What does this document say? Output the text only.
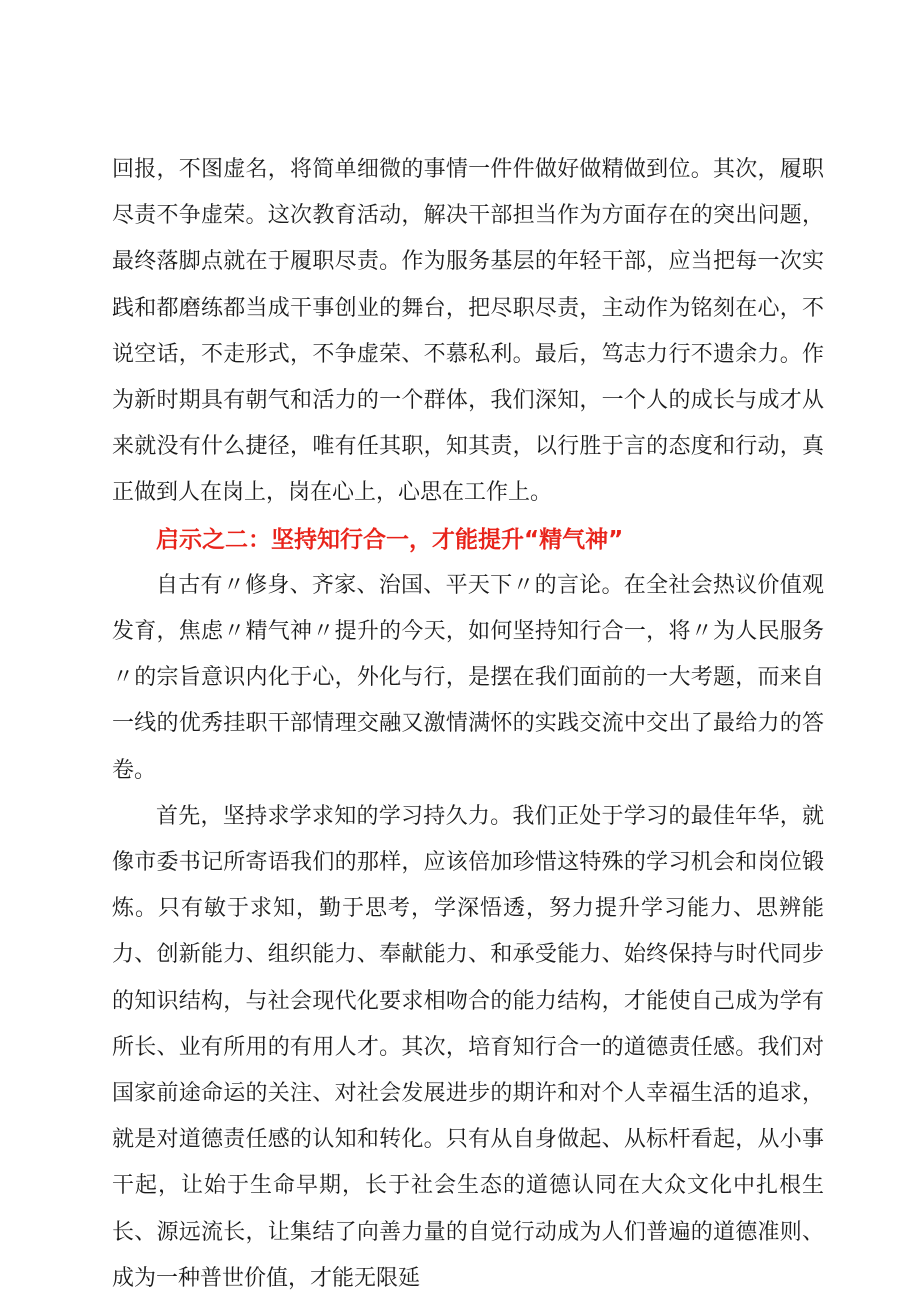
回报，不图虚名，将简单细微的事情一件件做好做精做到位。其次，履职尽责不争虚荣。这次教育活动，解决干部担当作为方面存在的突出问题，最终落脚点就在于履职尽责。作为服务基层的年轻干部，应当把每一次实践和都磨练都当成干事创业的舞台，把尽职尽责，主动作为铭刻在心，不说空话，不走形式，不争虚荣、不慕私利。最后，笃志力行不遗余力。作为新时期具有朝气和活力的一个群体，我们深知，一个人的成长与成才从来就没有什么捷径，唯有任其职，知其责，以行胜于言的态度和行动，真正做到人在岗上，岗在心上，心思在工作上。

启示之二：坚持知行合一，才能提升“精气神”

自古有〃修身、齐家、治国、平天下〃的言论。在全社会热议价值观发育，焦虑〃精气神〃提升的今天，如何坚持知行合一，将〃为人民服务〃的宗旨意识内化于心，外化与行，是摆在我们面前的一大考题，而来自一线的优秀挂职干部情理交融又激情满怀的实践交流中交出了最给力的答卷。

首先，坚持求学求知的学习持久力。我们正处于学习的最佳年华，就像市委书记所寄语我们的那样，应该倍加珍惜这特殊的学习机会和岗位锻炼。只有敏于求知，勤于思考，学深悟透，努力提升学习能力、思辨能力、创新能力、组织能力、奉献能力、和承受能力、始终保持与时代同步的知识结构，与社会现代化要求相吻合的能力结构，才能使自己成为学有所长、业有所用的有用人才。其次，培育知行合一的道德责任感。我们对国家前途命运的关注、对社会发展进步的期许和对个人幸福生活的追求，就是对道德责任感的认知和转化。只有从自身做起、从标杆看起，从小事干起，让始于生命早期，长于社会生态的道德认同在大众文化中扎根生长、源远流长，让集结了向善力量的自觉行动成为人们普遍的道德准则、成为一种普世价值，才能无限延
